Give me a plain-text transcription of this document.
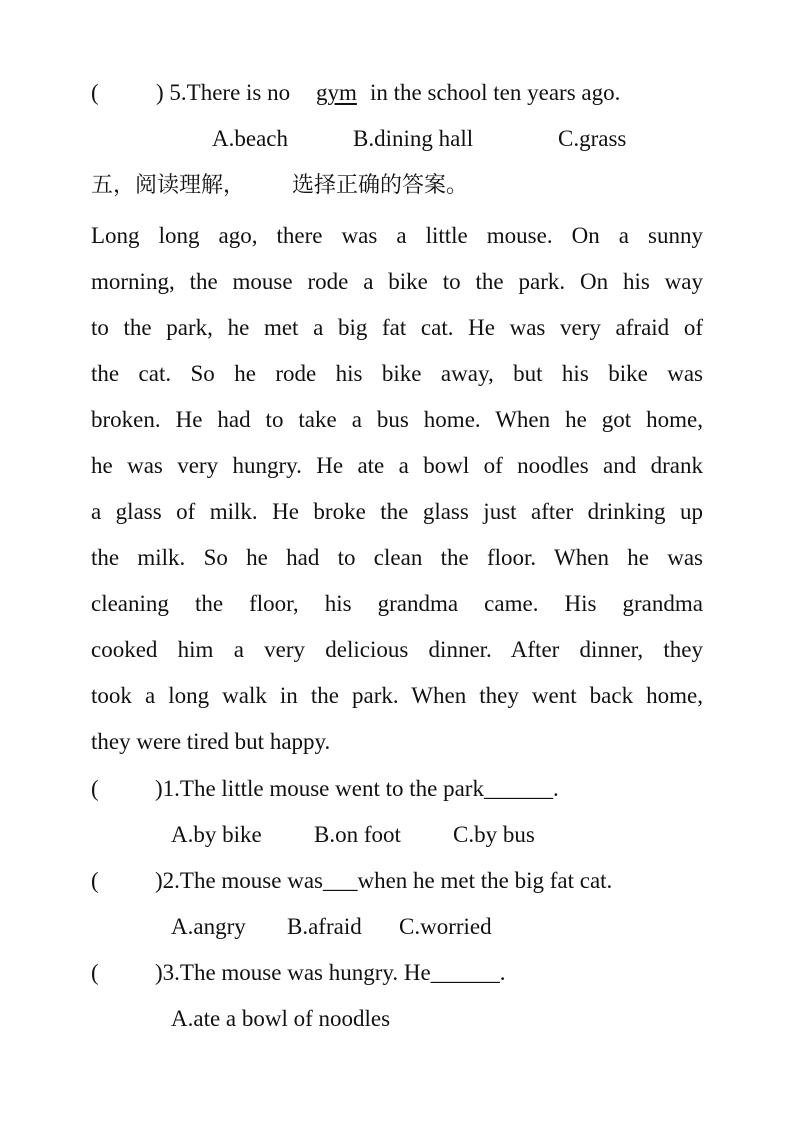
( ) 5.There is no gym in the school ten years ago.
A.beach	B.dining hall	C.grass
五，阅读理解， 选择正确的答案。
Long long ago, there was a little mouse. On a sunny
morning, the mouse rode a bike to the park. On his way
to the park, he met a big fat cat. He was very afraid of
the cat. So he rode his bike away, but his bike was
broken. He had to take a bus home. When he got home,
he was very hungry. He ate a bowl of noodles and drank
a glass of milk. He broke the glass just after drinking up
the milk. So he had to clean the floor. When he was
cleaning the floor, his grandma came. His grandma
cooked him a very delicious dinner. After dinner, they
took a long walk in the park. When they went back home,
they were tired but happy.
( )1.The little mouse went to the park______.
A.by bike B.on foot C.by bus
( )2.The mouse was___when he met the big fat cat.
A.angry B.afraid C.worried
( )3.The mouse was hungry. He______.
A.ate a bowl of noodles
